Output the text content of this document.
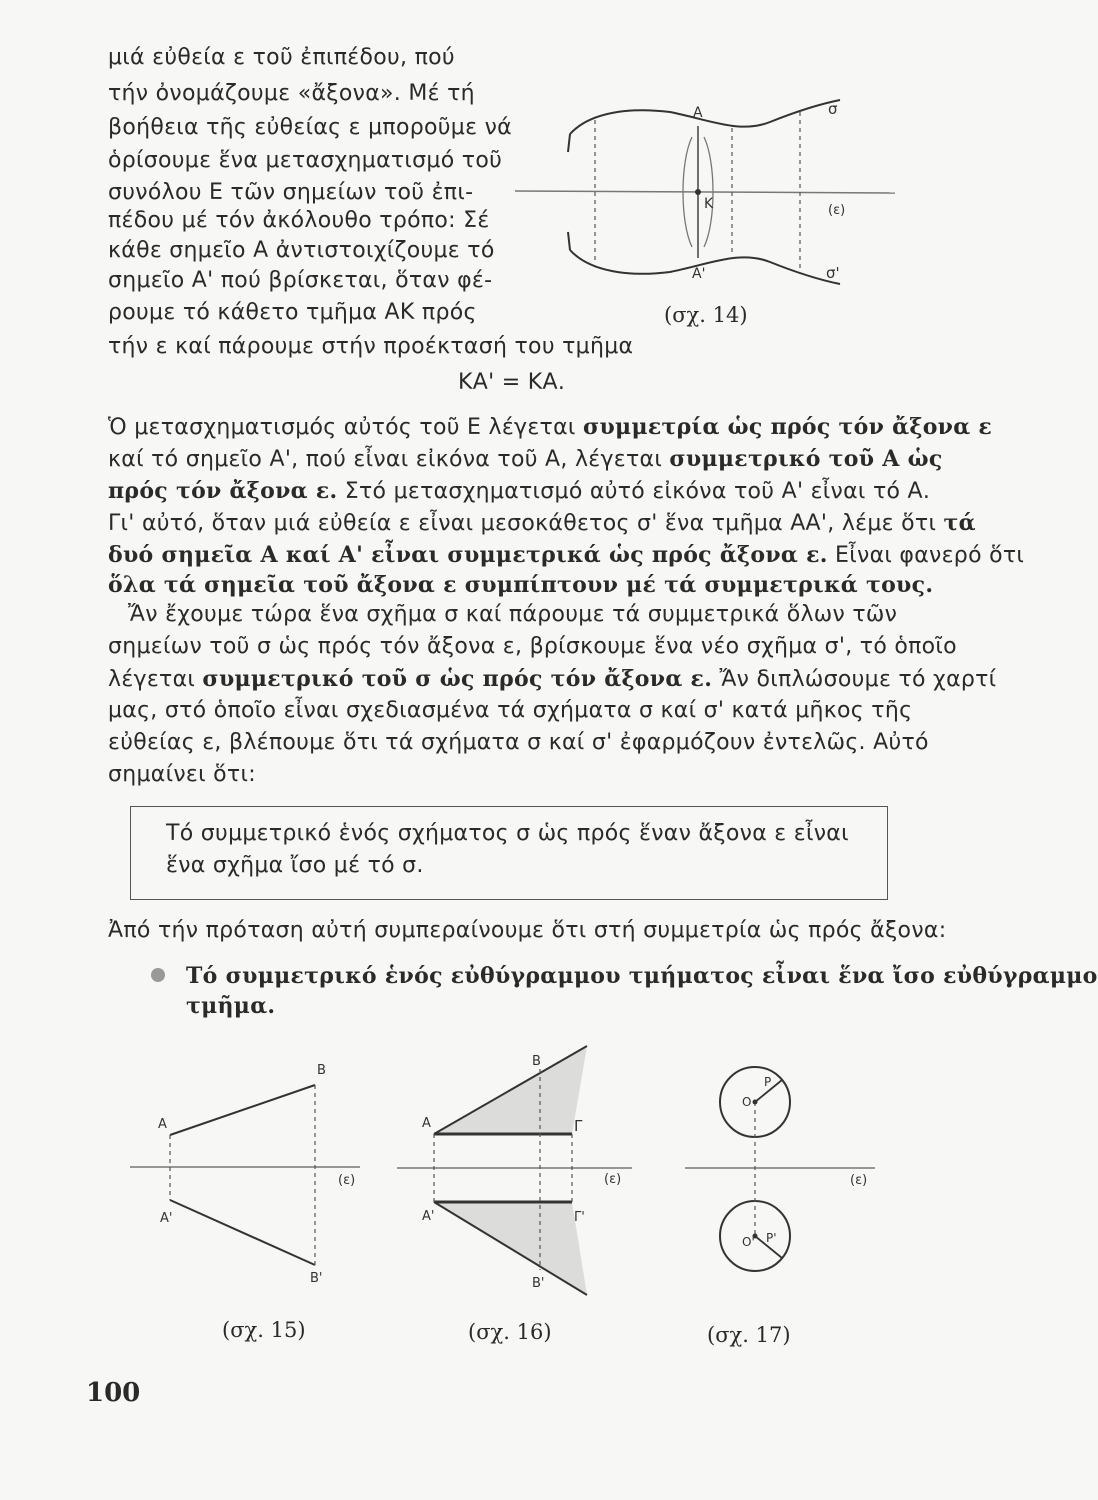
μιά εὐθεία ε τοῦ ἐπιπέδου, πού
τήν ὀνομάζουμε «ἄξονα». Μέ τή
βοήθεια τῆς εὐθείας ε μποροῦμε νά
ὁρίσουμε ἕνα μετασχηματισμό τοῦ
συνόλου Ε τῶν σημείων τοῦ ἐπι-
πέδου μέ τόν ἀκόλουθο τρόπο: Σέ
κάθε σημεῖο Α ἀντιστοιχίζουμε τό
σημεῖο Α' πού βρίσκεται, ὅταν φέ-
ρουμε τό κάθετο τμῆμα ΑΚ πρός
τήν ε καί πάρουμε στήν προέκτασή του τμῆμα
ΚΑ' = ΚΑ.
A
K
A'
σ
σ'
(ε)
(σχ. 14)
Ὁ μετασχηματισμός αὐτός τοῦ Ε λέγεται συμμετρία ὡς πρός τόν ἄξονα ε
καί τό σημεῖο Α', πού εἶναι εἰκόνα τοῦ Α, λέγεται συμμετρικό τοῦ Α ὡς
πρός τόν ἄξονα ε. Στό μετασχηματισμό αὐτό εἰκόνα τοῦ Α' εἶναι τό Α.
Γι' αὐτό, ὅταν μιά εὐθεία ε εἶναι μεσοκάθετος σ' ἕνα τμῆμα ΑΑ', λέμε ὅτι τά
δυό σημεῖα Α καί Α' εἶναι συμμετρικά ὡς πρός ἄξονα ε. Εἶναι φανερό ὅτι
ὅλα τά σημεῖα τοῦ ἄξονα ε συμπίπτουν μέ τά συμμετρικά τους.
Ἄν ἔχουμε τώρα ἕνα σχῆμα σ καί πάρουμε τά συμμετρικά ὅλων τῶν
σημείων τοῦ σ ὡς πρός τόν ἄξονα ε, βρίσκουμε ἕνα νέο σχῆμα σ', τό ὁποῖο
λέγεται συμμετρικό τοῦ σ ὡς πρός τόν ἄξονα ε. Ἄν διπλώσουμε τό χαρτί
μας, στό ὁποῖο εἶναι σχεδιασμένα τά σχήματα σ καί σ' κατά μῆκος τῆς
εὐθείας ε, βλέπουμε ὅτι τά σχήματα σ καί σ' ἐφαρμόζουν ἐντελῶς. Αὐτό
σημαίνει ὅτι:
Τό συμμετρικό ἑνός σχήματος σ ὡς πρός ἕναν ἄξονα ε εἶναι
ἕνα σχῆμα ἴσο μέ τό σ.
Ἀπό τήν πρόταση αὐτή συμπεραίνουμε ὅτι στή συμμετρία ὡς πρός ἄξονα:
Τό συμμετρικό ἑνός εὐθύγραμμου τμήματος εἶναι ἕνα ἴσο εὐθύγραμμο
τμῆμα.
A
B
A'
B'
(ε)
(σχ. 15)
A
B
Γ
A'	Γ'
B'
(ε)
(σχ. 16)
O
P
O' P'
(ε)
(σχ. 17)
100
